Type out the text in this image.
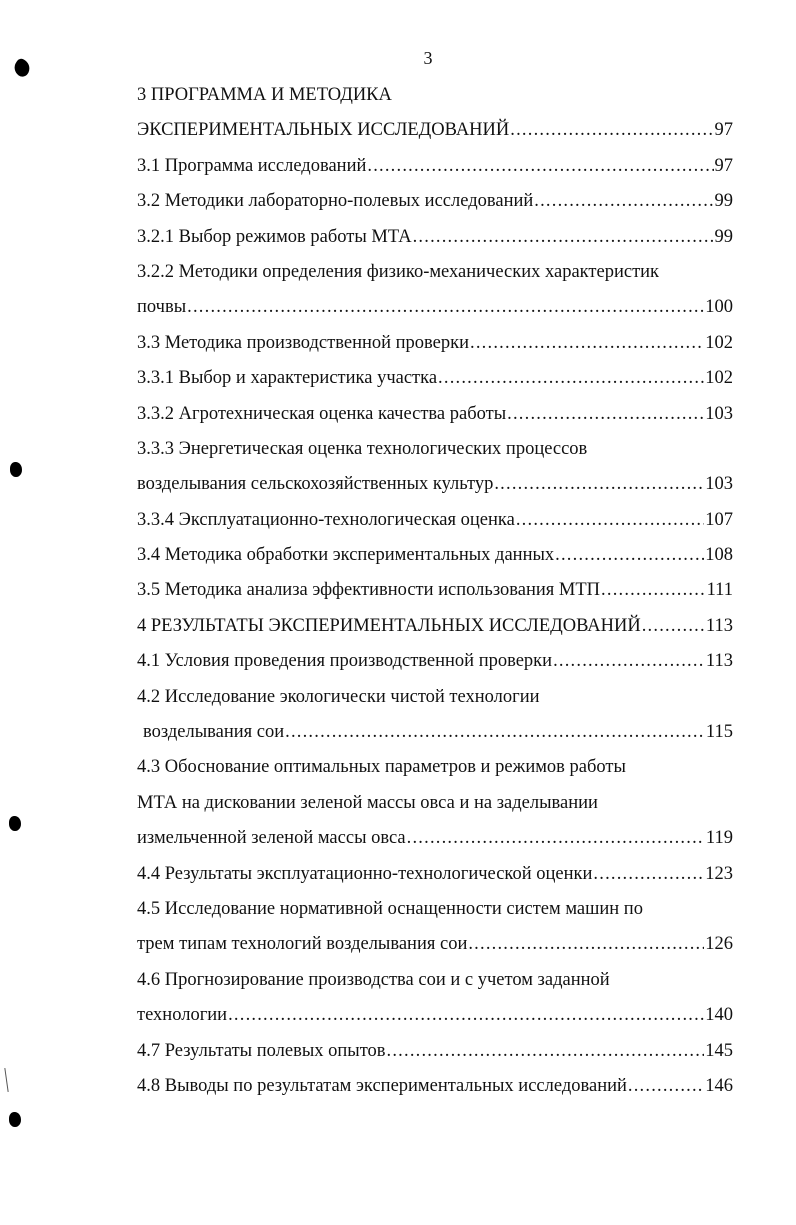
3
3 ПРОГРАММА И МЕТОДИКА
ЭКСПЕРИМЕНТАЛЬНЫХ ИССЛЕДОВАНИЙ .....	97
3.1 Программа исследований .....	97
3.2 Методики лабораторно-полевых исследований .....	99
3.2.1 Выбор режимов работы МТА .....	99
3.2.2 Методики определения физико-механических характеристик
почвы .....	100
3.3 Методика производственной проверки .....	102
3.3.1 Выбор и характеристика участка .....	102
3.3.2 Агротехническая оценка качества работы .....	103
3.3.3 Энергетическая оценка технологических процессов
возделывания сельскохозяйственных культур .....	103
3.3.4 Эксплуатационно-технологическая оценка .....	107
3.4 Методика обработки экспериментальных данных .....	108
3.5 Методика анализа эффективности использования МТП .....	111
4 РЕЗУЛЬТАТЫ ЭКСПЕРИМЕНТАЛЬНЫХ ИССЛЕДОВАНИЙ .....	113
4.1 Условия проведения производственной проверки .....	113
4.2 Исследование экологически чистой технологии
возделывания сои .....	115
4.3 Обоснование оптимальных параметров и режимов работы
МТА на дисковании зеленой массы овса и на заделывании
измельченной зеленой массы овса .....	119
4.4 Результаты эксплуатационно-технологической оценки .....	123
4.5 Исследование нормативной оснащенности систем машин по
трем типам технологий возделывания сои .....	126
4.6 Прогнозирование производства сои и с учетом заданной
технологии .....	140
4.7 Результаты полевых опытов .....	145
4.8 Выводы по результатам экспериментальных исследований .....	146
